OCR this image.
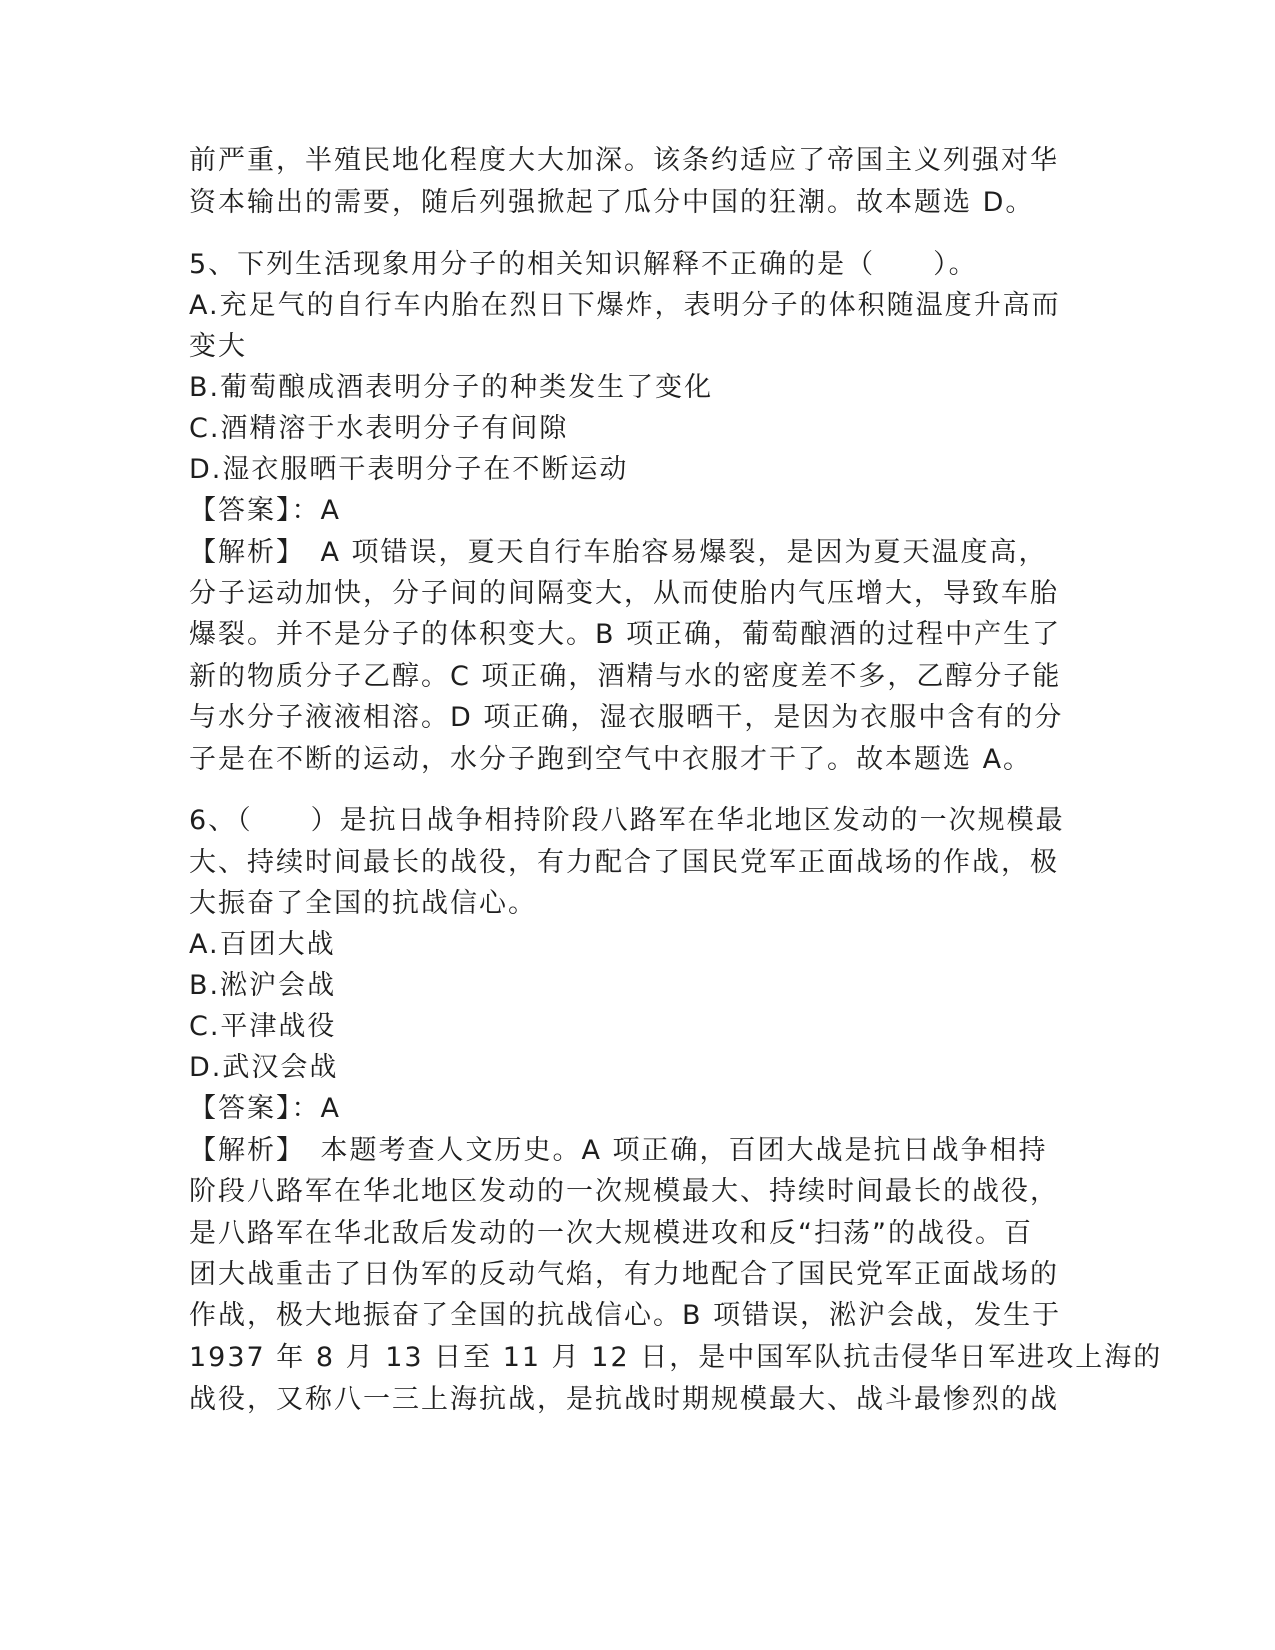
前严重，半殖民地化程度大大加深。该条约适应了帝国主义列强对华
资本输出的需要，随后列强掀起了瓜分中国的狂潮。故本题选 D。
5、下列生活现象用分子的相关知识解释不正确的是（　　）。
A.充足气的自行车内胎在烈日下爆炸，表明分子的体积随温度升高而
变大
B.葡萄酿成酒表明分子的种类发生了变化
C.酒精溶于水表明分子有间隙
D.湿衣服晒干表明分子在不断运动
【答案】：A
【解析】　A 项错误，夏天自行车胎容易爆裂，是因为夏天温度高，
分子运动加快，分子间的间隔变大，从而使胎内气压增大，导致车胎
爆裂。并不是分子的体积变大。B 项正确，葡萄酿酒的过程中产生了
新的物质分子乙醇。C 项正确，酒精与水的密度差不多，乙醇分子能
与水分子液液相溶。D 项正确，湿衣服晒干，是因为衣服中含有的分
子是在不断的运动，水分子跑到空气中衣服才干了。故本题选 A。
6、（　　）是抗日战争相持阶段八路军在华北地区发动的一次规模最
大、持续时间最长的战役，有力配合了国民党军正面战场的作战，极
大振奋了全国的抗战信心。
A.百团大战
B.淞沪会战
C.平津战役
D.武汉会战
【答案】：A
【解析】　本题考查人文历史。A 项正确，百团大战是抗日战争相持
阶段八路军在华北地区发动的一次规模最大、持续时间最长的战役，
是八路军在华北敌后发动的一次大规模进攻和反“扫荡”的战役。百
团大战重击了日伪军的反动气焰，有力地配合了国民党军正面战场的
作战，极大地振奋了全国的抗战信心。B 项错误，淞沪会战，发生于
1937 年 8 月 13 日至 11 月 12 日，是中国军队抗击侵华日军进攻上海的
战役，又称八一三上海抗战，是抗战时期规模最大、战斗最惨烈的战
